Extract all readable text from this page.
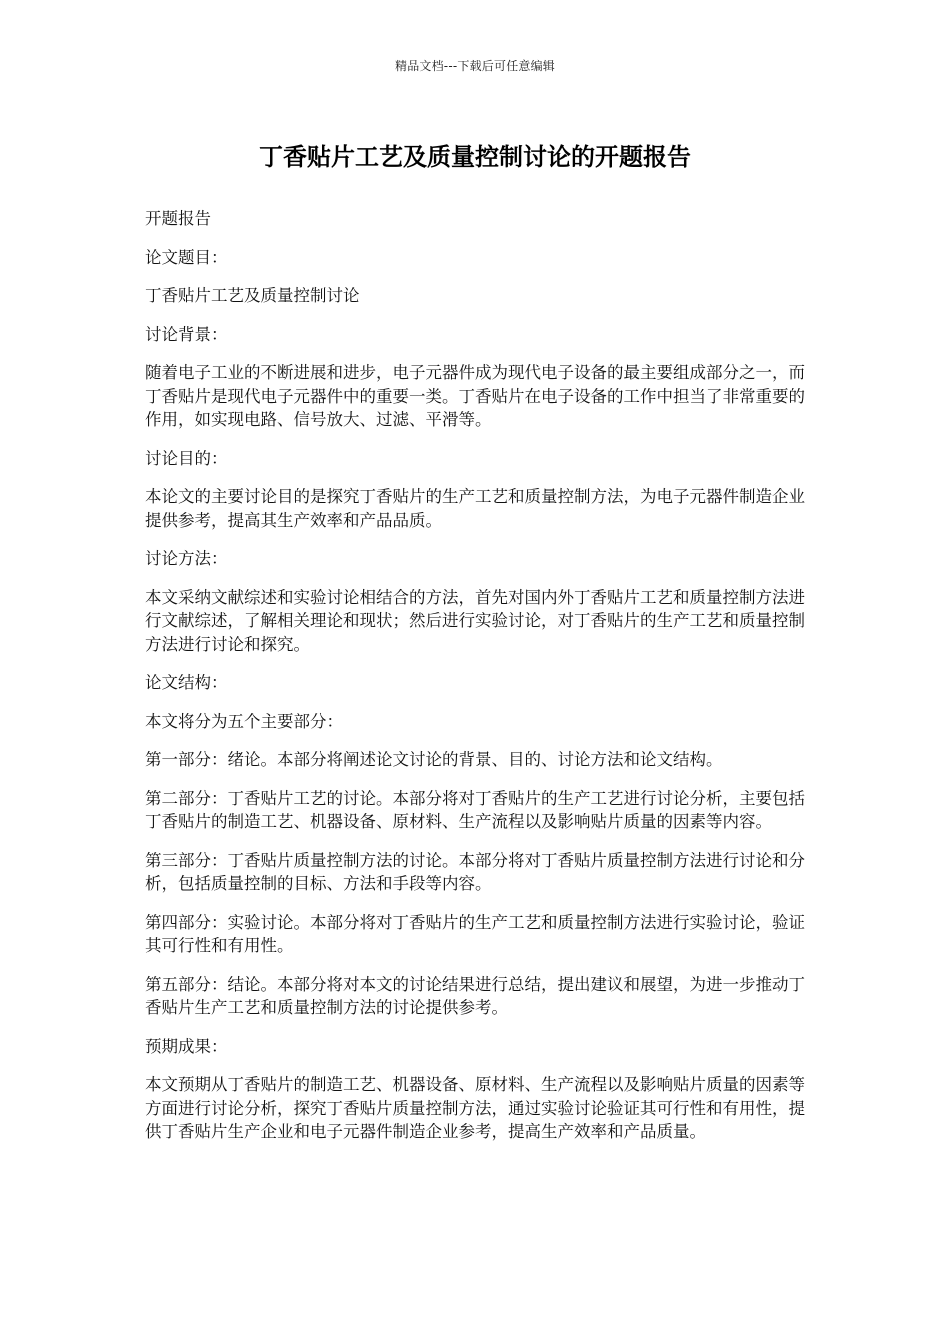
精品文档---下载后可任意编辑
丁香贴片工艺及质量控制讨论的开题报告

开题报告

论文题目：

丁香贴片工艺及质量控制讨论

讨论背景：

随着电子工业的不断进展和进步，电子元器件成为现代电子设备的最主要组成部分之一，而丁香贴片是现代电子元器件中的重要一类。丁香贴片在电子设备的工作中担当了非常重要的作用，如实现电路、信号放大、过滤、平滑等。

讨论目的：

本论文的主要讨论目的是探究丁香贴片的生产工艺和质量控制方法，为电子元器件制造企业提供参考，提高其生产效率和产品品质。

讨论方法：

本文采纳文献综述和实验讨论相结合的方法，首先对国内外丁香贴片工艺和质量控制方法进行文献综述，了解相关理论和现状；然后进行实验讨论，对丁香贴片的生产工艺和质量控制方法进行讨论和探究。

论文结构：

本文将分为五个主要部分：

第一部分：绪论。本部分将阐述论文讨论的背景、目的、讨论方法和论文结构。

第二部分：丁香贴片工艺的讨论。本部分将对丁香贴片的生产工艺进行讨论分析，主要包括丁香贴片的制造工艺、机器设备、原材料、生产流程以及影响贴片质量的因素等内容。

第三部分：丁香贴片质量控制方法的讨论。本部分将对丁香贴片质量控制方法进行讨论和分析，包括质量控制的目标、方法和手段等内容。

第四部分：实验讨论。本部分将对丁香贴片的生产工艺和质量控制方法进行实验讨论，验证其可行性和有用性。

第五部分：结论。本部分将对本文的讨论结果进行总结，提出建议和展望，为进一步推动丁香贴片生产工艺和质量控制方法的讨论提供参考。

预期成果：

本文预期从丁香贴片的制造工艺、机器设备、原材料、生产流程以及影响贴片质量的因素等方面进行讨论分析，探究丁香贴片质量控制方法，通过实验讨论验证其可行性和有用性，提供丁香贴片生产企业和电子元器件制造企业参考，提高生产效率和产品质量。
